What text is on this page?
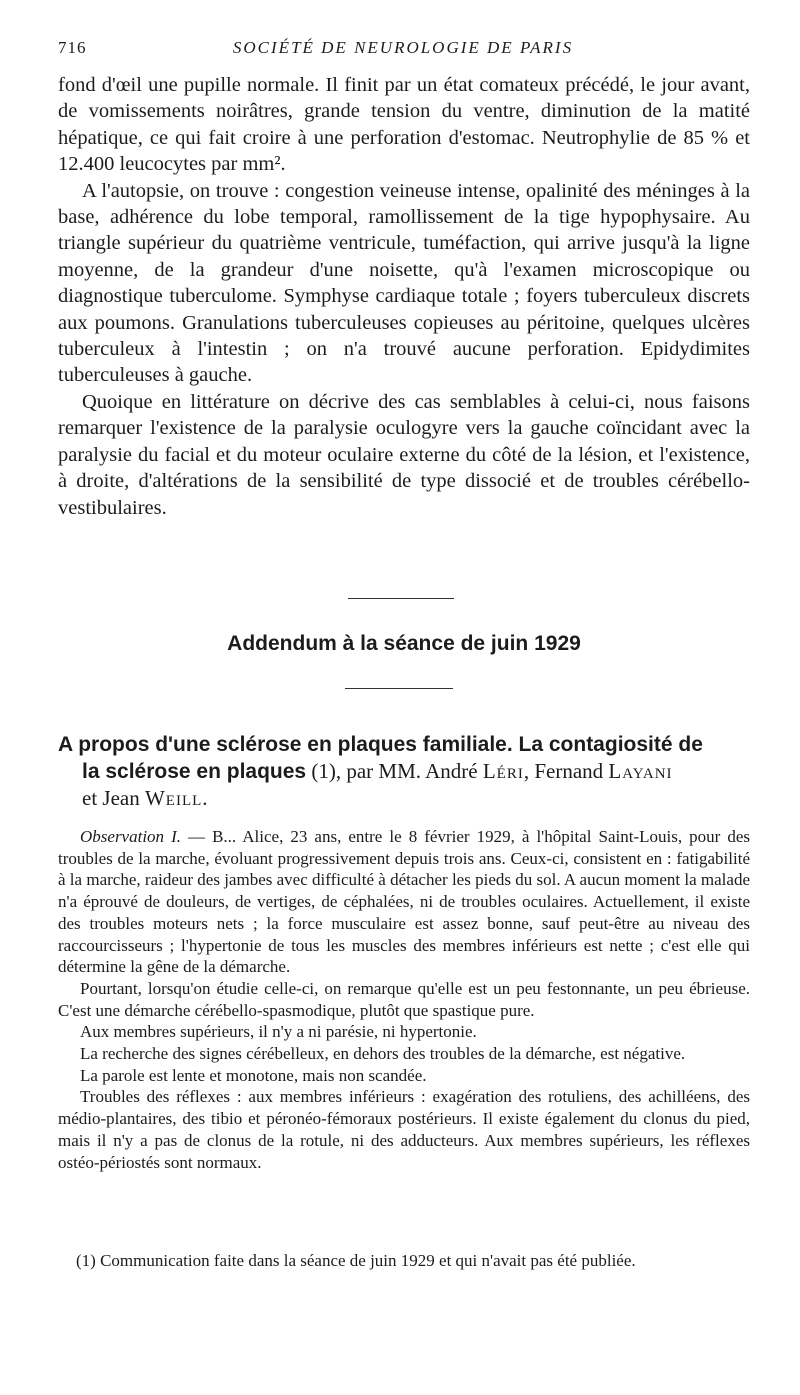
716	SOCIÉTÉ DE NEUROLOGIE DE PARIS

fond d'œil une pupille normale. Il finit par un état comateux précédé, le jour avant, de vomissements noirâtres, grande tension du ventre, diminution de la matité hépatique, ce qui fait croire à une perforation d'estomac. Neutrophylie de 85 % et 12.400 leucocytes par mm².

A l'autopsie, on trouve : congestion veineuse intense, opalinité des méninges à la base, adhérence du lobe temporal, ramollissement de la tige hypophysaire. Au triangle supérieur du quatrième ventricule, tuméfaction, qui arrive jusqu'à la ligne moyenne, de la grandeur d'une noisette, qu'à l'examen microscopique ou diagnostique tuberculome. Symphyse cardiaque totale ; foyers tuberculeux discrets aux poumons. Granulations tuberculeuses copieuses au péritoine, quelques ulcères tuberculeux à l'intestin ; on n'a trouvé aucune perforation. Epidydimites tuberculeuses à gauche.

Quoique en littérature on décrive des cas semblables à celui-ci, nous faisons remarquer l'existence de la paralysie oculogyre vers la gauche coïncidant avec la paralysie du facial et du moteur oculaire externe du côté de la lésion, et l'existence, à droite, d'altérations de la sensibilité de type dissocié et de troubles cérébello-vestibulaires.

Addendum à la séance de juin 1929
A propos d'une sclérose en plaques familiale. La contagiosité de
la sclérose en plaques (1), par MM. André Léri, Fernand Layani
et Jean Weill.

Observation I. — B... Alice, 23 ans, entre le 8 février 1929, à l'hôpital Saint-Louis, pour des troubles de la marche, évoluant progressivement depuis trois ans. Ceux-ci, consistent en : fatigabilité à la marche, raideur des jambes avec difficulté à détacher les pieds du sol. A aucun moment la malade n'a éprouvé de douleurs, de vertiges, de céphalées, ni de troubles oculaires. Actuellement, il existe des troubles moteurs nets ; la force musculaire est assez bonne, sauf peut-être au niveau des raccourcisseurs ; l'hypertonie de tous les muscles des membres inférieurs est nette ; c'est elle qui détermine la gêne de la démarche.

Pourtant, lorsqu'on étudie celle-ci, on remarque qu'elle est un peu festonnante, un peu ébrieuse. C'est une démarche cérébello-spasmodique, plutôt que spastique pure.

Aux membres supérieurs, il n'y a ni parésie, ni hypertonie.

La recherche des signes cérébelleux, en dehors des troubles de la démarche, est négative.

La parole est lente et monotone, mais non scandée.

Troubles des réflexes : aux membres inférieurs : exagération des rotuliens, des achilléens, des médio-plantaires, des tibio et péronéo-fémoraux postérieurs. Il existe également du clonus du pied, mais il n'y a pas de clonus de la rotule, ni des adducteurs. Aux membres supérieurs, les réflexes ostéo-périostés sont normaux.

(1) Communication faite dans la séance de juin 1929 et qui n'avait pas été publiée.
